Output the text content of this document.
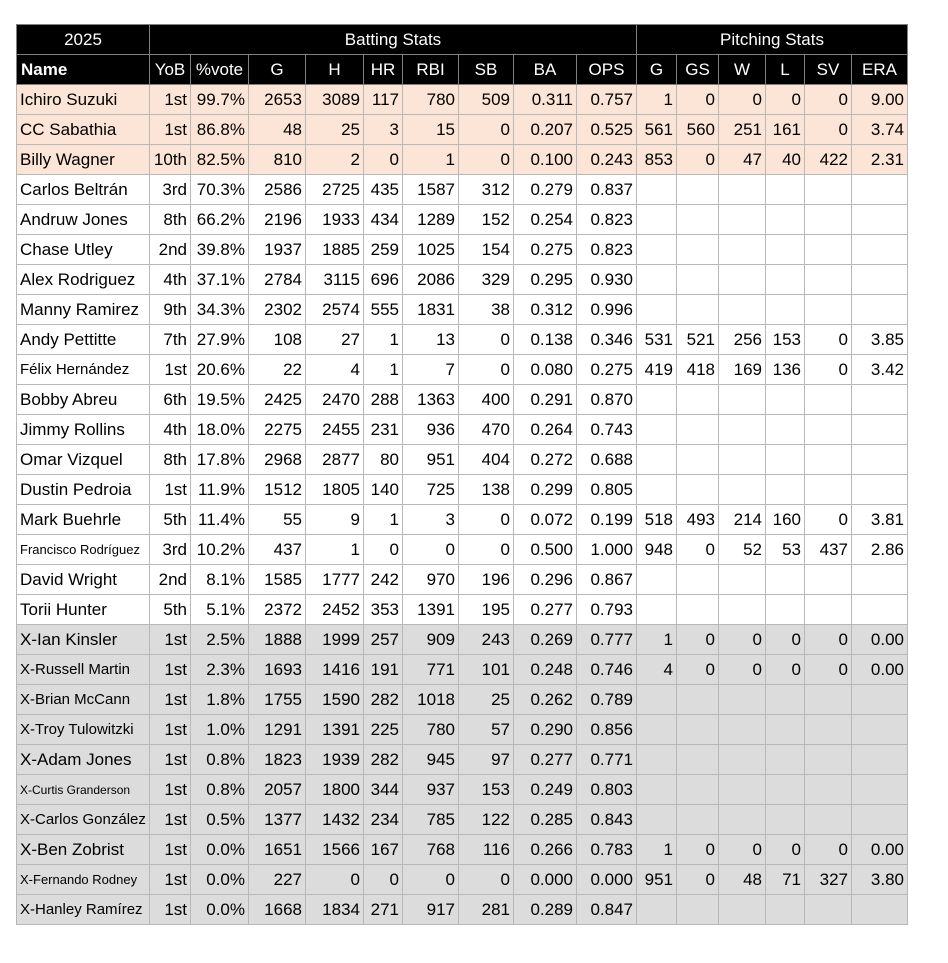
2025	Batting Stats									Pitching Stats					
Name	YoB	%vote	G	H	HR	RBI	SB	BA	OPS	G	GS	W	L	SV	ERA
Ichiro Suzuki	1st	99.7%	2653	3089	117	780	509	0.311	0.757	1	0	0	0	0	9.00
CC Sabathia	1st	86.8%	48	25	3	15	0	0.207	0.525	561	560	251	161	0	3.74
Billy Wagner	10th	82.5%	810	2	0	1	0	0.100	0.243	853	0	47	40	422	2.31
Carlos Beltrán	3rd	70.3%	2586	2725	435	1587	312	0.279	0.837						
Andruw Jones	8th	66.2%	2196	1933	434	1289	152	0.254	0.823						
Chase Utley	2nd	39.8%	1937	1885	259	1025	154	0.275	0.823						
Alex Rodriguez	4th	37.1%	2784	3115	696	2086	329	0.295	0.930						
Manny Ramirez	9th	34.3%	2302	2574	555	1831	38	0.312	0.996						
Andy Pettitte	7th	27.9%	108	27	1	13	0	0.138	0.346	531	521	256	153	0	3.85
Félix Hernández	1st	20.6%	22	4	1	7	0	0.080	0.275	419	418	169	136	0	3.42
Bobby Abreu	6th	19.5%	2425	2470	288	1363	400	0.291	0.870						
Jimmy Rollins	4th	18.0%	2275	2455	231	936	470	0.264	0.743						
Omar Vizquel	8th	17.8%	2968	2877	80	951	404	0.272	0.688						
Dustin Pedroia	1st	11.9%	1512	1805	140	725	138	0.299	0.805						
Mark Buehrle	5th	11.4%	55	9	1	3	0	0.072	0.199	518	493	214	160	0	3.81
Francisco Rodríguez	3rd	10.2%	437	1	0	0	0	0.500	1.000	948	0	52	53	437	2.86
David Wright	2nd	8.1%	1585	1777	242	970	196	0.296	0.867						
Torii Hunter	5th	5.1%	2372	2452	353	1391	195	0.277	0.793						
X-Ian Kinsler	1st	2.5%	1888	1999	257	909	243	0.269	0.777	1	0	0	0	0	0.00
X-Russell Martin	1st	2.3%	1693	1416	191	771	101	0.248	0.746	4	0	0	0	0	0.00
X-Brian McCann	1st	1.8%	1755	1590	282	1018	25	0.262	0.789						
X-Troy Tulowitzki	1st	1.0%	1291	1391	225	780	57	0.290	0.856						
X-Adam Jones	1st	0.8%	1823	1939	282	945	97	0.277	0.771						
X-Curtis Granderson	1st	0.8%	2057	1800	344	937	153	0.249	0.803						
X-Carlos González	1st	0.5%	1377	1432	234	785	122	0.285	0.843						
X-Ben Zobrist	1st	0.0%	1651	1566	167	768	116	0.266	0.783	1	0	0	0	0	0.00
X-Fernando Rodney	1st	0.0%	227	0	0	0	0	0.000	0.000	951	0	48	71	327	3.80
X-Hanley Ramírez	1st	0.0%	1668	1834	271	917	281	0.289	0.847						
